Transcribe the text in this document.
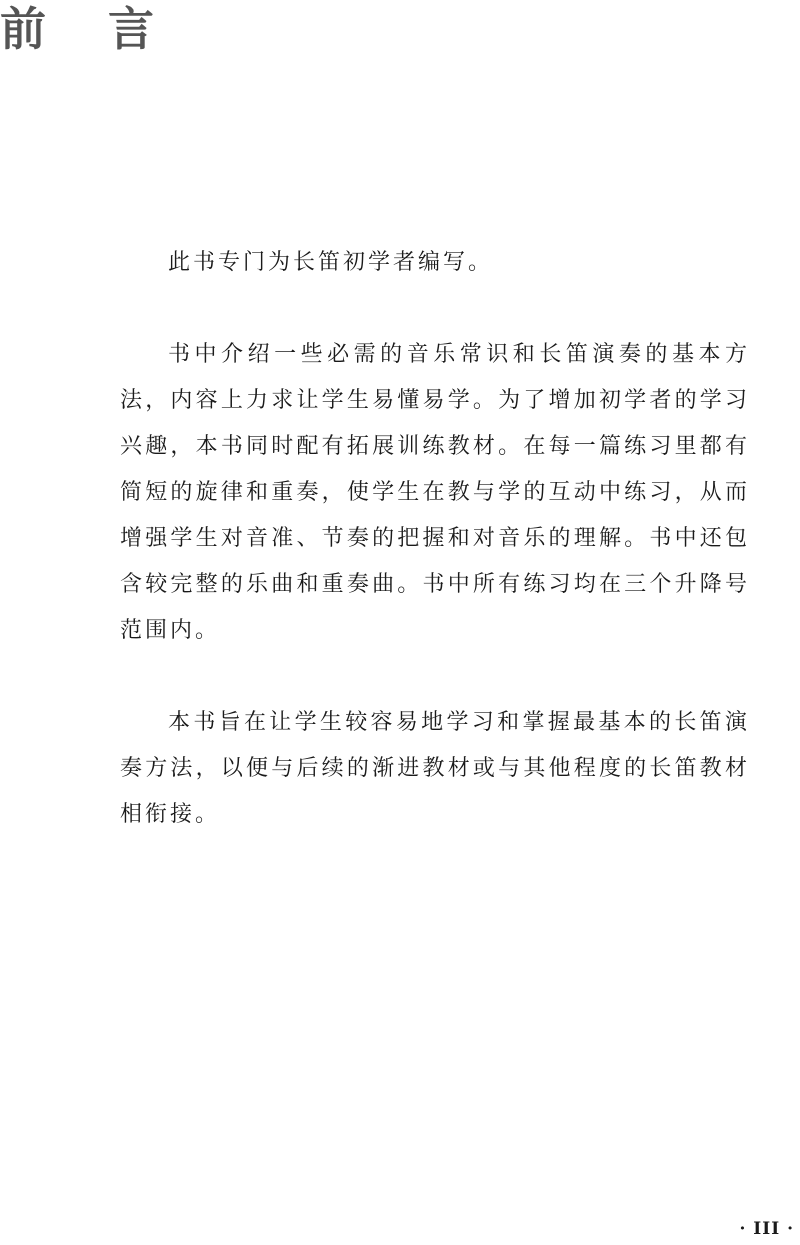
前言

此书专门为长笛初学者编写。

书中介绍一些必需的音乐常识和长笛演奏的基本方法，内容上力求让学生易懂易学。为了增加初学者的学习兴趣，本书同时配有拓展训练教材。在每一篇练习里都有简短的旋律和重奏，使学生在教与学的互动中练习，从而增强学生对音准、节奏的把握和对音乐的理解。书中还包含较完整的乐曲和重奏曲。书中所有练习均在三个升降号范围内。

本书旨在让学生较容易地学习和掌握最基本的长笛演奏方法，以便与后续的渐进教材或与其他程度的长笛教材相衔接。

· III ·
